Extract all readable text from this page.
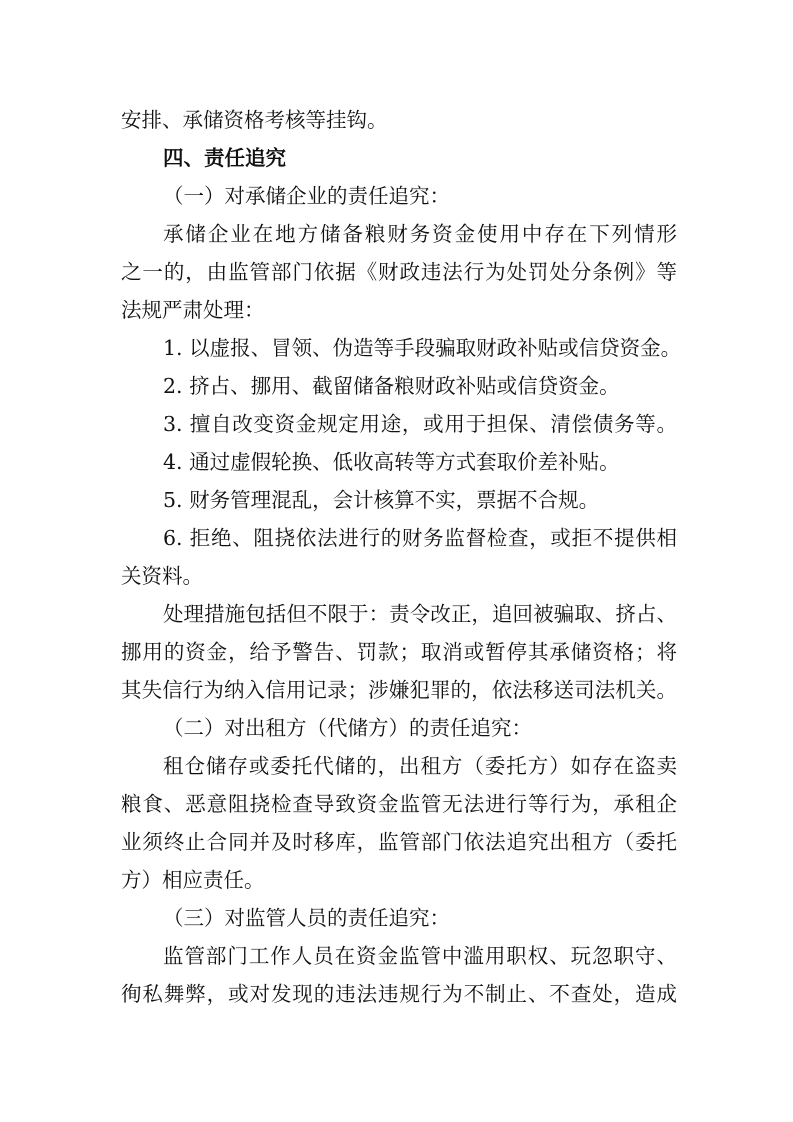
安排、承储资格考核等挂钩。
四、责任追究
（一）对承储企业的责任追究：
承储企业在地方储备粮财务资金使用中存在下列情形
之一的，由监管部门依据《财政违法行为处罚处分条例》等
法规严肃处理：
1. 以虚报、冒领、伪造等手段骗取财政补贴或信贷资金。
2. 挤占、挪用、截留储备粮财政补贴或信贷资金。
3. 擅自改变资金规定用途，或用于担保、清偿债务等。
4. 通过虚假轮换、低收高转等方式套取价差补贴。
5. 财务管理混乱，会计核算不实，票据不合规。
6. 拒绝、阻挠依法进行的财务监督检查，或拒不提供相
关资料。
处理措施包括但不限于：责令改正，追回被骗取、挤占、
挪用的资金，给予警告、罚款；取消或暂停其承储资格；将
其失信行为纳入信用记录；涉嫌犯罪的，依法移送司法机关。
（二）对出租方（代储方）的责任追究：
租仓储存或委托代储的，出租方（委托方）如存在盗卖
粮食、恶意阻挠检查导致资金监管无法进行等行为，承租企
业须终止合同并及时移库，监管部门依法追究出租方（委托
方）相应责任。
（三）对监管人员的责任追究：
监管部门工作人员在资金监管中滥用职权、玩忽职守、
徇私舞弊，或对发现的违法违规行为不制止、不查处，造成
